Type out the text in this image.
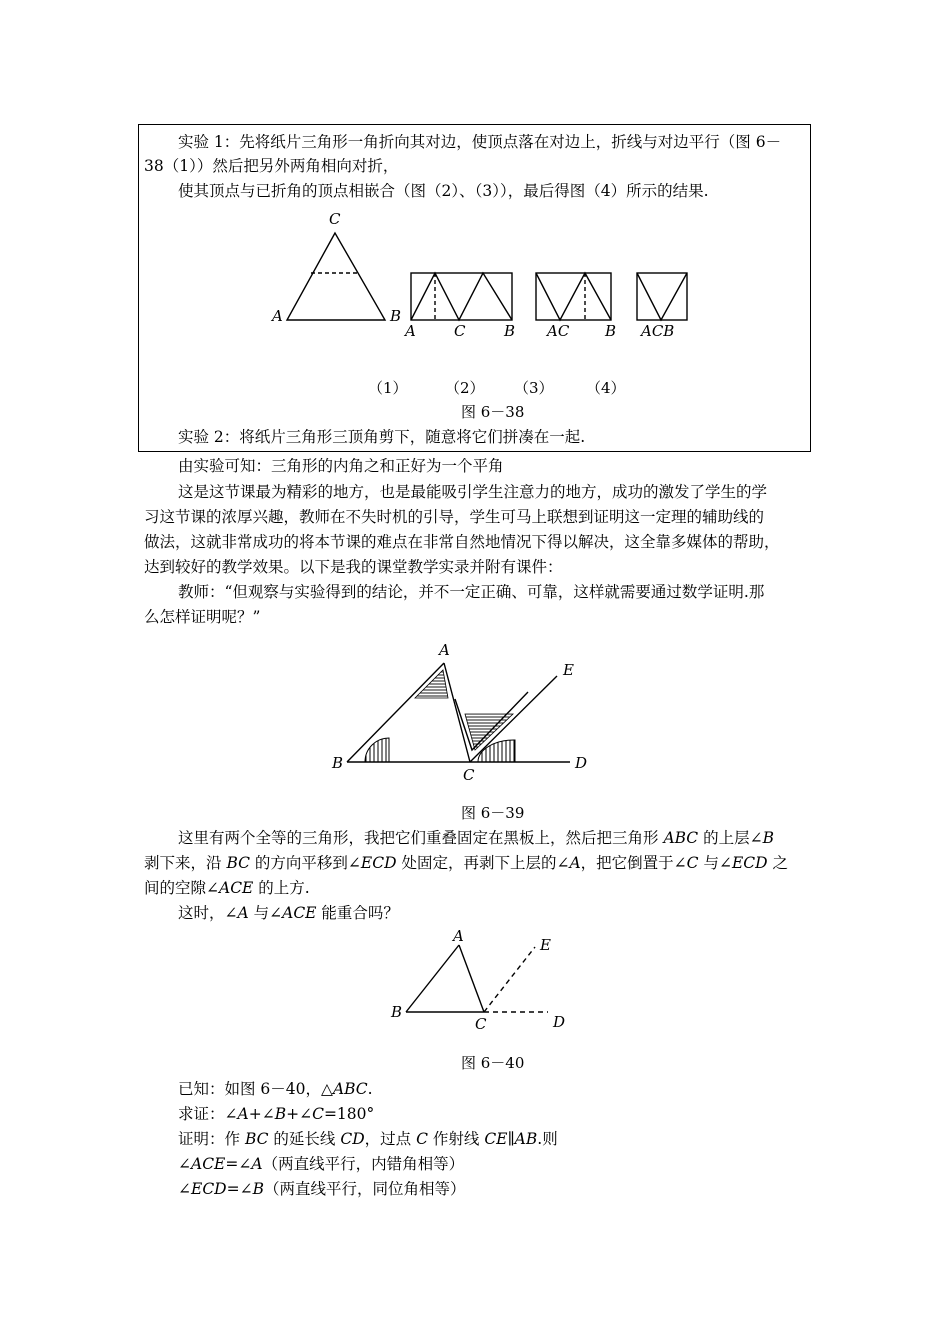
实验 1：先将纸片三角形一角折向其对边，使顶点落在对边上，折线与对边平行（图 6－
38（1））然后把另外两角相向对折，
使其顶点与已折角的顶点相嵌合（图（2）、（3）），最后得图（4）所示的结果.
C
A	B
A	C	B AC B ACB
（1） （2） （3） （4）
图 6－38
实验 2：将纸片三角形三顶角剪下，随意将它们拼凑在一起.
由实验可知：三角形的内角之和正好为一个平角
这是这节课最为精彩的地方，也是最能吸引学生注意力的地方，成功的激发了学生的学
习这节课的浓厚兴趣，教师在不失时机的引导，学生可马上联想到证明这一定理的辅助线的
做法，这就非常成功的将本节课的难点在非常自然地情况下得以解决，这全靠多媒体的帮助，
达到较好的教学效果。以下是我的课堂教学实录并附有课件：
教师：“但观察与实验得到的结论，并不一定正确、可靠，这样就需要通过数学证明.那
么怎样证明呢？”
A
B
C
D
E
图 6－39
这里有两个全等的三角形，我把它们重叠固定在黑板上，然后把三角形 ABC 的上层∠B
剥下来，沿 BC 的方向平移到∠ECD 处固定，再剥下上层的∠A，把它倒置于∠C 与∠ECD 之
间的空隙∠ACE 的上方.
这时，∠A 与∠ACE 能重合吗？
A
B
C	D
E
图 6－40
已知：如图 6－40，△ABC.
求证：∠A+∠B+∠C=180°
证明：作 BC 的延长线 CD，过点 C 作射线 CE∥AB.则
∠ACE=∠A（两直线平行，内错角相等）
∠ECD=∠B（两直线平行，同位角相等）
